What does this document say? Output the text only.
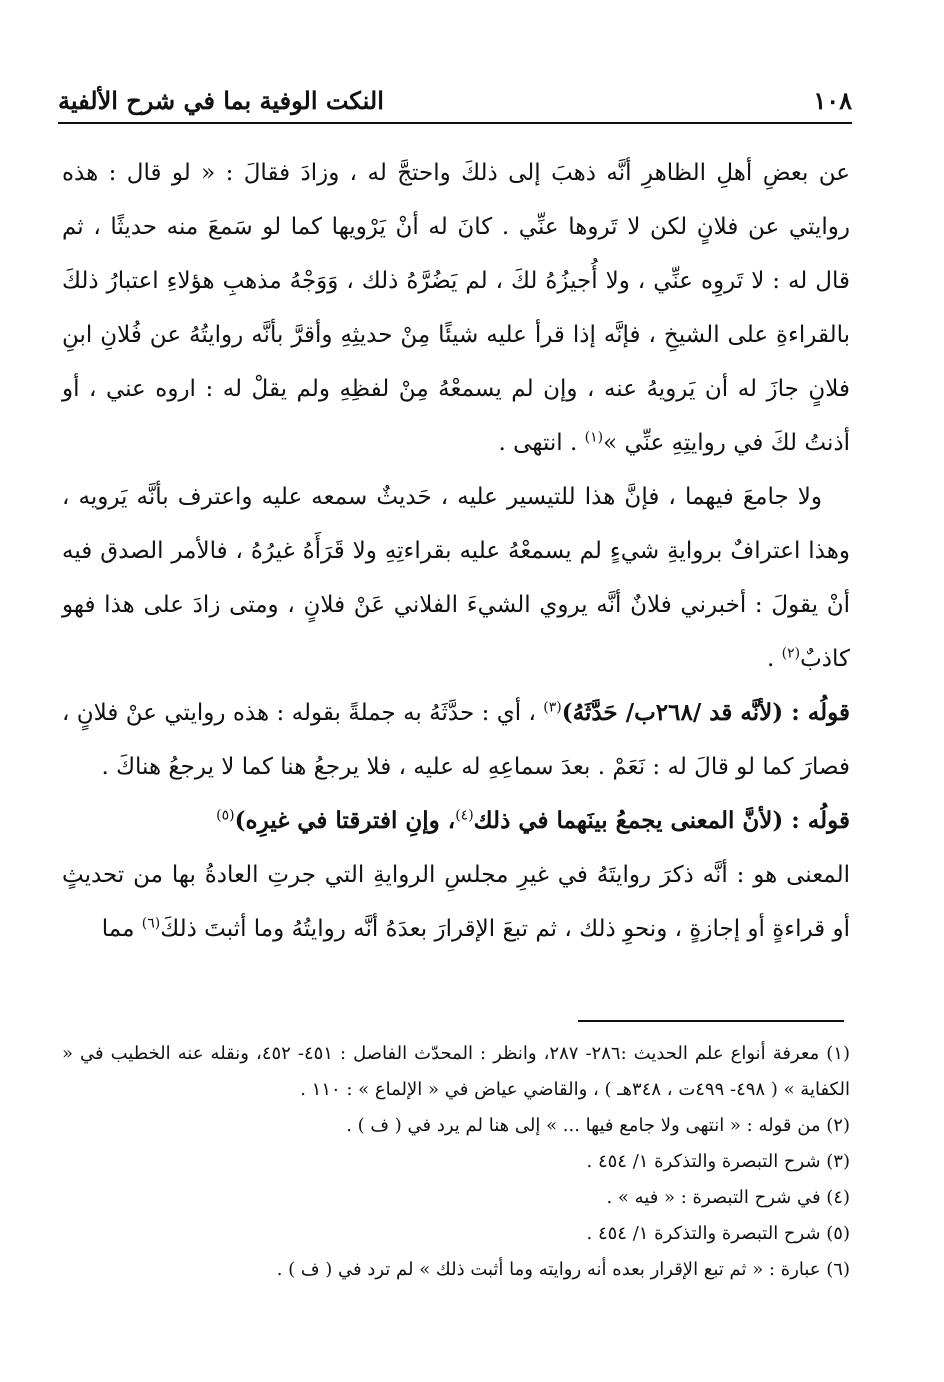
١٠٨
النكت الوفية بما في شرح الألفية

عن بعضِ أهلِ الظاهرِ أنَّه ذهبَ إلى ذلكَ واحتجَّ له ، وزادَ فقالَ : « لو قال : هذه روايتي عن فلانٍ لكن لا تَروها عنِّي . كانَ له أنْ يَرْويها كما لو سَمعَ منه حديثًا ، ثم قال له : لا تَروِه عنِّي ، ولا أُجيزُهُ لكَ ، لم يَضُرَّهُ ذلك ، وَوَجْهُ مذهبِ هؤلاءِ اعتبارُ ذلكَ بالقراءةِ على الشيخِ ، فإنَّه إذا قرأ عليه شيئًا مِنْ حديثِهِ وأقرَّ بأنَّه روايتُهُ عن فُلانِ ابنِ فلانٍ جازَ له أن يَرويهُ عنه ، وإن لم يسمعْهُ مِنْ لفظِهِ ولم يقلْ له : اروه عني ، أو أذنتُ لكَ في روايتِهِ عنِّي »$^{(١)}$ . انتهى .

ولا جامعَ فيهما ، فإنَّ هذا للتيسير عليه ، حَديثٌ سمعه عليه واعترف بأنَّه يَرويه ، وهذا اعترافٌ بروايةِ شيءٍ لم يسمعْهُ عليه بقراءتِهِ ولا قَرَأَهُ غيرُهُ ، فالأمر الصدق فيه أنْ يقولَ : أخبرني فلانٌ أنَّه يروي الشيءَ الفلاني عَنْ فلانٍ ، ومتى زادَ على هذا فهو كاذبٌ$^{(٢)}$ .

قولُه : (لأنَّه قد /٢٦٨ب/ حَدَّثَهُ)$^{(٣)}$ ، أي : حدَّثَهُ به جملةً بقوله : هذه روايتي عنْ فلانٍ ، فصارَ كما لو قالَ له : نَعَمْ . بعدَ سماعِهِ له عليه ، فلا يرجعُ هنا كما لا يرجعُ هناكَ .

قولُه : (لأنَّ المعنى يجمعُ بينَهما في ذلك$^{(٤)}$، وإنِ افترقتا في غيرِه)$^{(٥)}$

المعنى هو : أنَّه ذكرَ روايتَهُ في غيرِ مجلسِ الروايةِ التي جرتِ العادةُ بها من تحديثٍ أو قراءةٍ أو إجازةٍ ، ونحوِ ذلك ، ثم تبعَ الإقرارَ بعدَهُ أنَّه روايتُهُ وما أثبتَ ذلكَ$^{(٦)}$ مما

(١) معرفة أنواع علم الحديث :٢٨٦- ٢٨٧، وانظر : المحدّث الفاصل : ٤٥١- ٤٥٢، ونقله عنه الخطيب في « الكفاية » ( ٤٩٨- ٤٩٩ت ، ٣٤٨هـ ) ، والقاضي عياض في « الإلماع » : ١١٠ .

(٢) من قوله : « انتهى ولا جامع فيها ... » إلى هنا لم يرد في ( ف ) .

(٣) شرح التبصرة والتذكرة ١/ ٤٥٤ .

(٤) في شرح التبصرة : « فيه » .

(٥) شرح التبصرة والتذكرة ١/ ٤٥٤ .

(٦) عبارة : « ثم تبع الإقرار بعده أنه روايته وما أثبت ذلك » لم ترد في ( ف ) .
